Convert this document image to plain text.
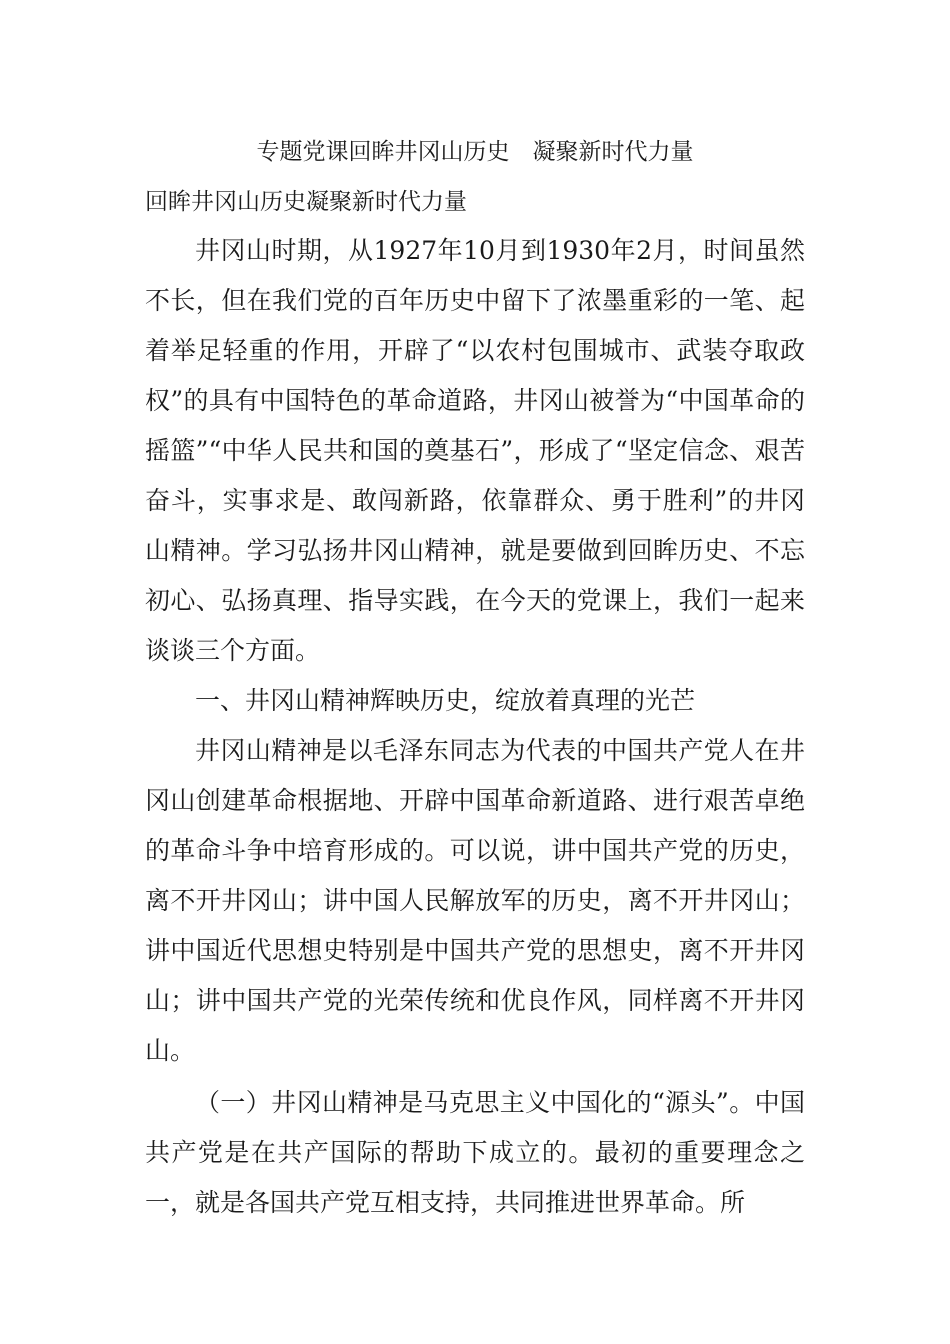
专题党课回眸井冈山历史　凝聚新时代力量
回眸井冈山历史凝聚新时代力量

井冈山时期，从1927年10月到1930年2月，时间虽然不长，但在我们党的百年历史中留下了浓墨重彩的一笔、起着举足轻重的作用，开辟了“以农村包围城市、武装夺取政权”的具有中国特色的革命道路，井冈山被誉为“中国革命的摇篮”“中华人民共和国的奠基石”，形成了“坚定信念、艰苦奋斗，实事求是、敢闯新路，依靠群众、勇于胜利”的井冈山精神。学习弘扬井冈山精神，就是要做到回眸历史、不忘初心、弘扬真理、指导实践，在今天的党课上，我们一起来谈谈三个方面。

一、井冈山精神辉映历史，绽放着真理的光芒

井冈山精神是以毛泽东同志为代表的中国共产党人在井冈山创建革命根据地、开辟中国革命新道路、进行艰苦卓绝的革命斗争中培育形成的。可以说，讲中国共产党的历史，离不开井冈山；讲中国人民解放军的历史，离不开井冈山；讲中国近代思想史特别是中国共产党的思想史，离不开井冈山；讲中国共产党的光荣传统和优良作风，同样离不开井冈山。

（一）井冈山精神是马克思主义中国化的“源头”。中国共产党是在共产国际的帮助下成立的。最初的重要理念之一，就是各国共产党互相支持，共同推进世界革命。所
